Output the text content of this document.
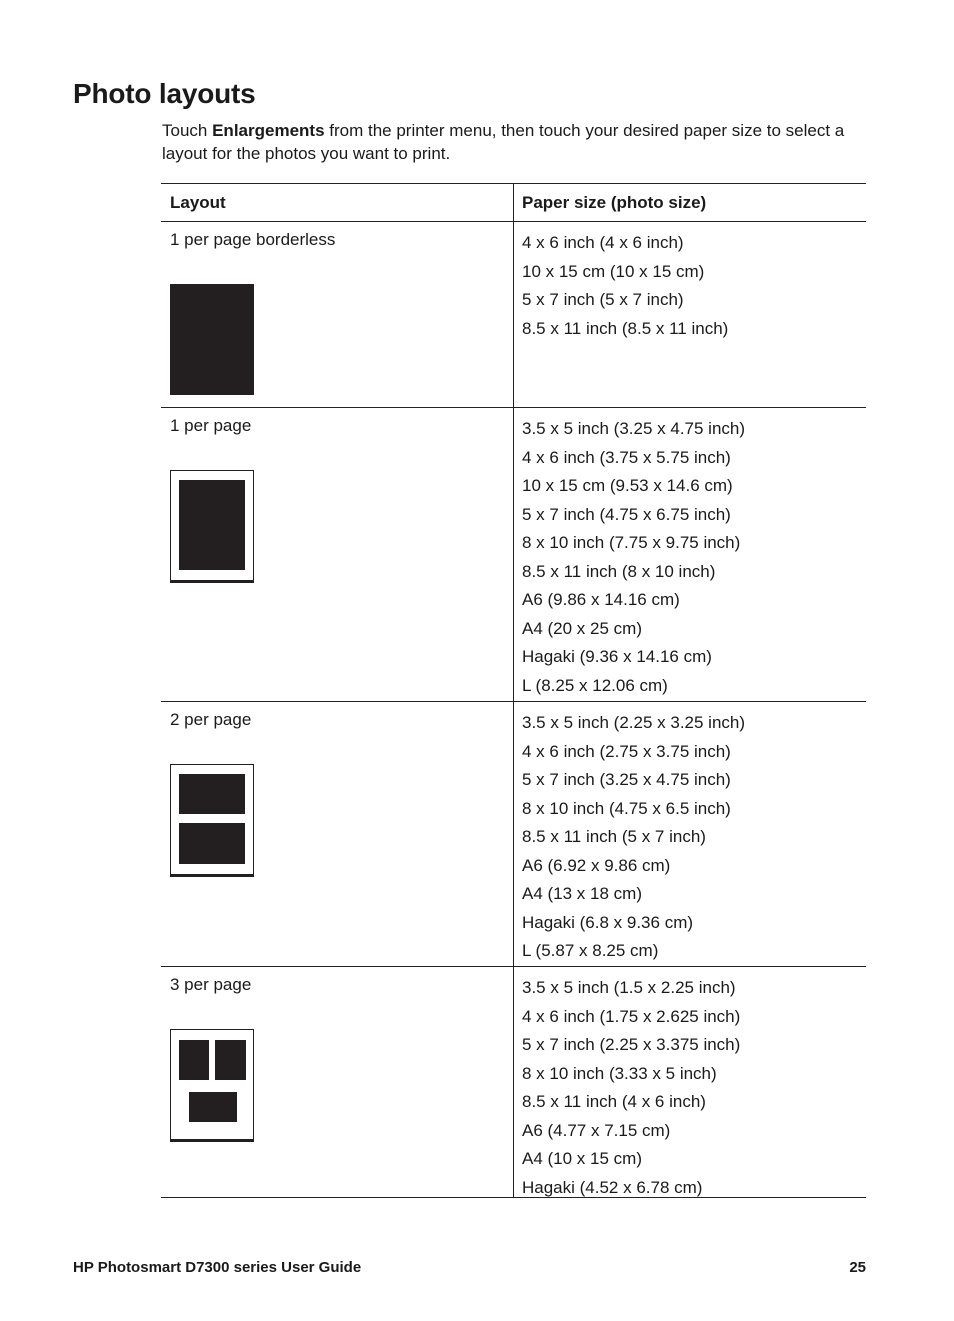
Photo layouts

Touch Enlargements from the printer menu, then touch your desired paper size to select a layout for the photos you want to print.

Layout	Paper size (photo size)
1 per page borderless	4 x 6 inch (4 x 6 inch)
10 x 15 cm (10 x 15 cm)
5 x 7 inch (5 x 7 inch)
8.5 x 11 inch (8.5 x 11 inch)
1 per page	3.5 x 5 inch (3.25 x 4.75 inch)
4 x 6 inch (3.75 x 5.75 inch)
10 x 15 cm (9.53 x 14.6 cm)
5 x 7 inch (4.75 x 6.75 inch)
8 x 10 inch (7.75 x 9.75 inch)
8.5 x 11 inch (8 x 10 inch)
A6 (9.86 x 14.16 cm)
A4 (20 x 25 cm)
Hagaki (9.36 x 14.16 cm)
L (8.25 x 12.06 cm)
2 per page	3.5 x 5 inch (2.25 x 3.25 inch)
4 x 6 inch (2.75 x 3.75 inch)
5 x 7 inch (3.25 x 4.75 inch)
8 x 10 inch (4.75 x 6.5 inch)
8.5 x 11 inch (5 x 7 inch)
A6 (6.92 x 9.86 cm)
A4 (13 x 18 cm)
Hagaki (6.8 x 9.36 cm)
L (5.87 x 8.25 cm)
3 per page	3.5 x 5 inch (1.5 x 2.25 inch)
4 x 6 inch (1.75 x 2.625 inch)
5 x 7 inch (2.25 x 3.375 inch)
8 x 10 inch (3.33 x 5 inch)
8.5 x 11 inch (4 x 6 inch)
A6 (4.77 x 7.15 cm)
A4 (10 x 15 cm)
Hagaki (4.52 x 6.78 cm)
HP Photosmart D7300 series User Guide	25
